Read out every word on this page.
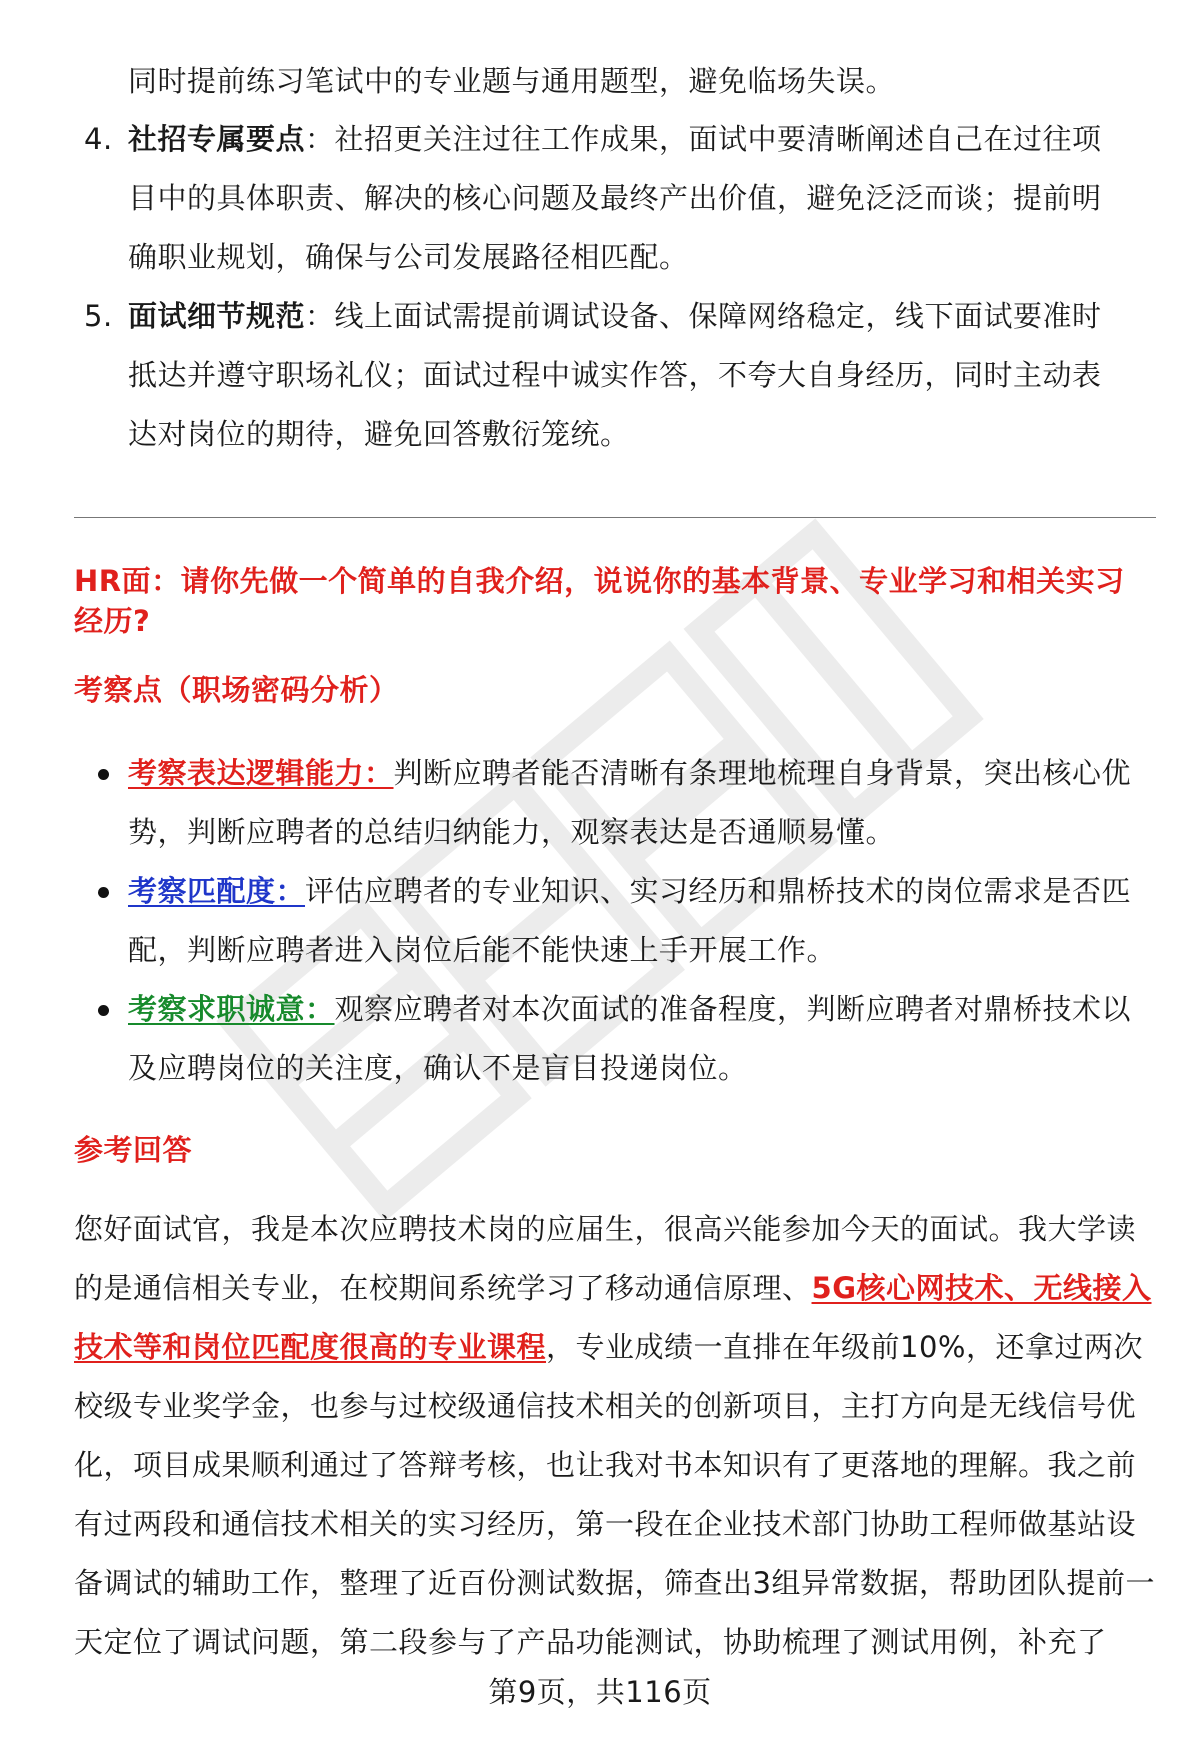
同时提前练习笔试中的专业题与通用题型，避免临场失误。
4. 社招专属要点：社招更关注过往工作成果，面试中要清晰阐述自己在过往项目中的具体职责、解决的核心问题及最终产出价值，避免泛泛而谈；提前明确职业规划，确保与公司发展路径相匹配。
5. 面试细节规范：线上面试需提前调试设备、保障网络稳定，线下面试要准时抵达并遵守职场礼仪；面试过程中诚实作答，不夸大自身经历，同时主动表达对岗位的期待，避免回答敷衍笼统。
HR面：请你先做一个简单的自我介绍，说说你的基本背景、专业学习和相关实习经历?
考察点（职场密码分析）
考察表达逻辑能力：判断应聘者能否清晰有条理地梳理自身背景，突出核心优势，判断应聘者的总结归纳能力，观察表达是否通顺易懂。
考察匹配度：评估应聘者的专业知识、实习经历和鼎桥技术的岗位需求是否匹配，判断应聘者进入岗位后能不能快速上手开展工作。
考察求职诚意：观察应聘者对本次面试的准备程度，判断应聘者对鼎桥技术以及应聘岗位的关注度，确认不是盲目投递岗位。
参考回答
您好面试官，我是本次应聘技术岗的应届生，很高兴能参加今天的面试。我大学读的是通信相关专业，在校期间系统学习了移动通信原理、5G核心网技术、无线接入技术等和岗位匹配度很高的专业课程，专业成绩一直排在年级前10%，还拿过两次校级专业奖学金，也参与过校级通信技术相关的创新项目，主打方向是无线信号优化，项目成果顺利通过了答辩考核，也让我对书本知识有了更落地的理解。我之前有过两段和通信技术相关的实习经历，第一段在企业技术部门协助工程师做基站设备调试的辅助工作，整理了近百份测试数据，筛查出3组异常数据，帮助团队提前一天定位了调试问题，第二段参与了产品功能测试，协助梳理了测试用例，补充了
第9页，共116页
